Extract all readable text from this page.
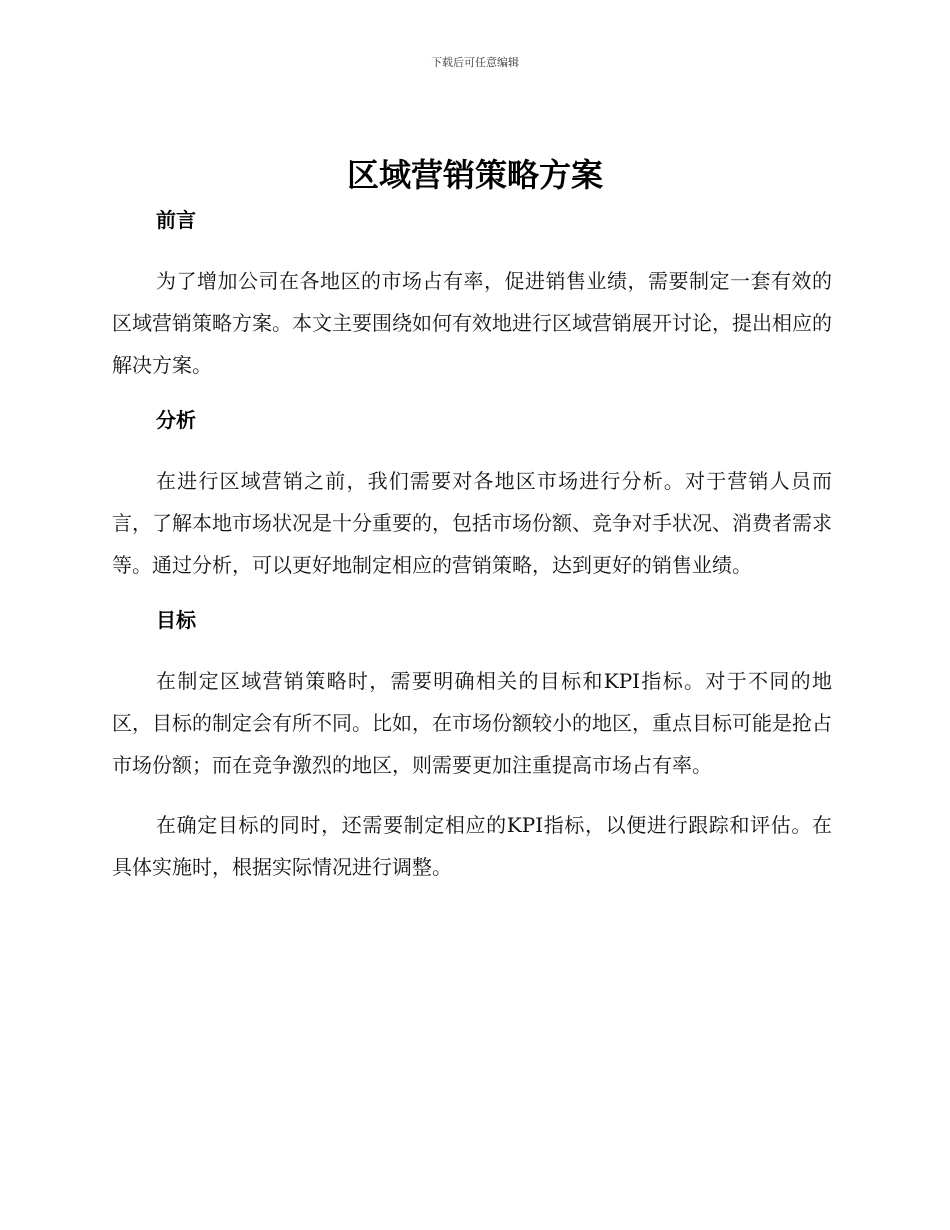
下载后可任意编辑
区域营销策略方案
前言

为了增加公司在各地区的市场占有率，促进销售业绩，需要制定一套有效的区域营销策略方案。本文主要围绕如何有效地进行区域营销展开讨论，提出相应的解决方案。

分析

在进行区域营销之前，我们需要对各地区市场进行分析。对于营销人员而言，了解本地市场状况是十分重要的，包括市场份额、竞争对手状况、消费者需求等。通过分析，可以更好地制定相应的营销策略，达到更好的销售业绩。

目标

在制定区域营销策略时，需要明确相关的目标和KPI指标。对于不同的地区，目标的制定会有所不同。比如，在市场份额较小的地区，重点目标可能是抢占市场份额；而在竞争激烈的地区，则需要更加注重提高市场占有率。

在确定目标的同时，还需要制定相应的KPI指标，以便进行跟踪和评估。在具体实施时，根据实际情况进行调整。
